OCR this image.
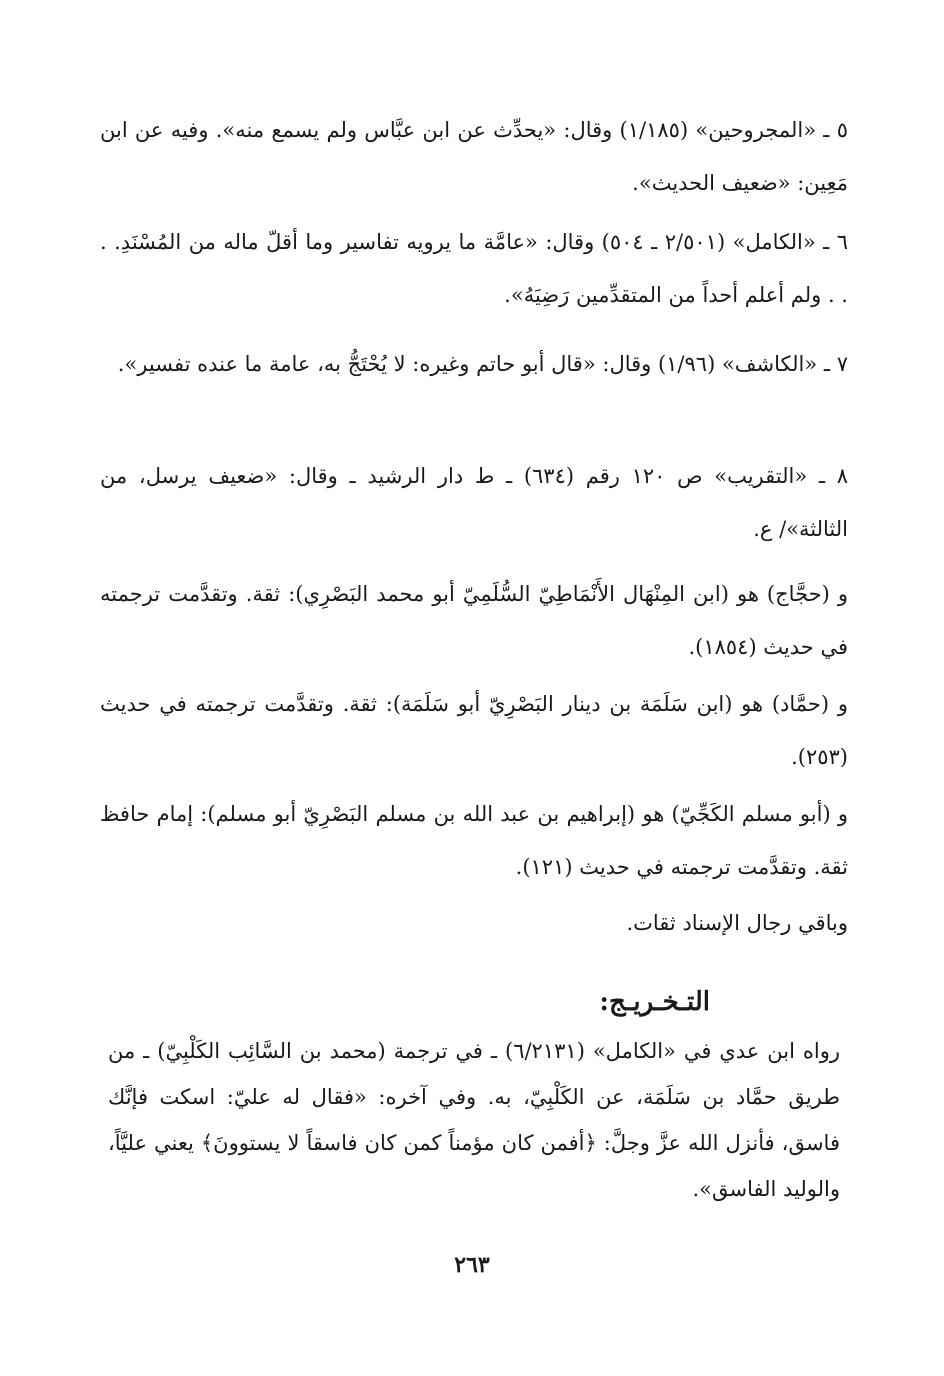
٥ ـ «المجروحين» (١/١٨٥) وقال: «يحدِّث عن ابن عبَّاس ولم يسمع منه». وفيه عن ابن مَعِين: «ضعيف الحديث».

٦ ـ «الكامل» (٢/٥٠١ ـ ٥٠٤) وقال: «عامَّة ما يرويه تفاسير وما أقلّ ماله من المُسْنَدِ. . . . ولم أعلم أحداً من المتقدِّمين رَضِيَهُ».

٧ ـ «الكاشف» (١/٩٦) وقال: «قال أبو حاتم وغيره: لا يُحْتَجُّ به، عامة ما عنده تفسير».

٨ ـ «التقريب» ص ١٢٠ رقم (٦٣٤) ـ ط دار الرشيد ـ وقال: «ضعيف يرسل، من الثالثة»/ ع.

و (حجَّاج) هو (ابن المِنْهَال الأَنْمَاطِيّ السُّلَمِيّ أبو محمد البَصْرِي): ثقة. وتقدَّمت ترجمته في حديث (١٨٥٤).

و (حمَّاد) هو (ابن سَلَمَة بن دينار البَصْرِيّ أبو سَلَمَة): ثقة. وتقدَّمت ترجمته في حديث (٢٥٣).

و (أبو مسلم الكَجِّيّ) هو (إبراهيم بن عبد الله بن مسلم البَصْرِيّ أبو مسلم): إمام حافظ ثقة. وتقدَّمت ترجمته في حديث (١٢١).

وباقي رجال الإسناد ثقات.

التـخـريـج:

رواه ابن عدي في «الكامل» (٦/٢١٣١) ـ في ترجمة (محمد بن السَّائِب الكَلْبِيّ) ـ من طريق حمَّاد بن سَلَمَة، عن الكَلْبِيّ، به. وفي آخره: «فقال له عليّ: اسكت فإنَّك فاسق، فأنزل الله عزَّ وجلَّ: ﴿أفمن كان مؤمناً كمن كان فاسقاً لا يستوونَ﴾ يعني عليَّاً، والوليد الفاسق».

٢٦٣
